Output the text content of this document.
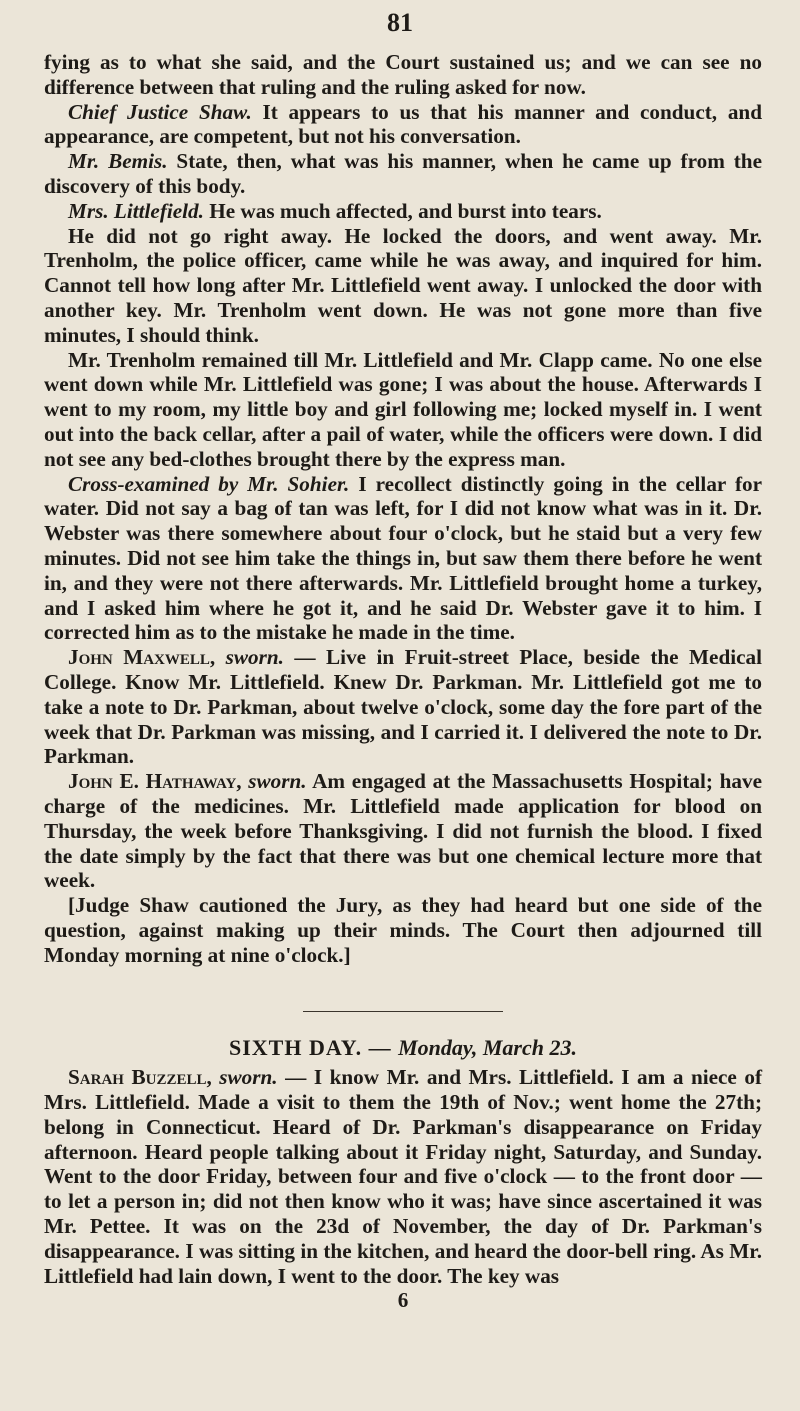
81

fying as to what she said, and the Court sustained us; and we can see no difference between that ruling and the ruling asked for now.

Chief Justice Shaw. It appears to us that his manner and conduct, and appearance, are competent, but not his conversation.

Mr. Bemis. State, then, what was his manner, when he came up from the discovery of this body.

Mrs. Littlefield. He was much affected, and burst into tears.

He did not go right away. He locked the doors, and went away. Mr. Trenholm, the police officer, came while he was away, and inquired for him. Cannot tell how long after Mr. Littlefield went away. I unlocked the door with another key. Mr. Trenholm went down. He was not gone more than five minutes, I should think.

Mr. Trenholm remained till Mr. Littlefield and Mr. Clapp came. No one else went down while Mr. Littlefield was gone; I was about the house. Afterwards I went to my room, my little boy and girl following me; locked myself in. I went out into the back cellar, after a pail of water, while the officers were down. I did not see any bed-clothes brought there by the express man.

Cross-examined by Mr. Sohier. I recollect distinctly going in the cellar for water. Did not say a bag of tan was left, for I did not know what was in it. Dr. Webster was there somewhere about four o'clock, but he staid but a very few minutes. Did not see him take the things in, but saw them there before he went in, and they were not there afterwards. Mr. Littlefield brought home a turkey, and I asked him where he got it, and he said Dr. Webster gave it to him. I corrected him as to the mistake he made in the time.

John Maxwell, sworn. — Live in Fruit-street Place, beside the Medical College. Know Mr. Littlefield. Knew Dr. Parkman. Mr. Littlefield got me to take a note to Dr. Parkman, about twelve o'clock, some day the fore part of the week that Dr. Parkman was missing, and I carried it. I delivered the note to Dr. Parkman.

John E. Hathaway, sworn. Am engaged at the Massachusetts Hospital; have charge of the medicines. Mr. Littlefield made application for blood on Thursday, the week before Thanksgiving. I did not furnish the blood. I fixed the date simply by the fact that there was but one chemical lecture more that week.

[Judge Shaw cautioned the Jury, as they had heard but one side of the question, against making up their minds. The Court then adjourned till Monday morning at nine o'clock.]

SIXTH DAY. — Monday, March 23.

Sarah Buzzell, sworn. — I know Mr. and Mrs. Littlefield. I am a niece of Mrs. Littlefield. Made a visit to them the 19th of Nov.; went home the 27th; belong in Connecticut. Heard of Dr. Parkman's disappearance on Friday afternoon. Heard people talking about it Friday night, Saturday, and Sunday. Went to the door Friday, between four and five o'clock — to the front door — to let a person in; did not then know who it was; have since ascertained it was Mr. Pettee. It was on the 23d of November, the day of Dr. Parkman's disappearance. I was sitting in the kitchen, and heard the door-bell ring. As Mr. Littlefield had lain down, I went to the door. The key was

6
